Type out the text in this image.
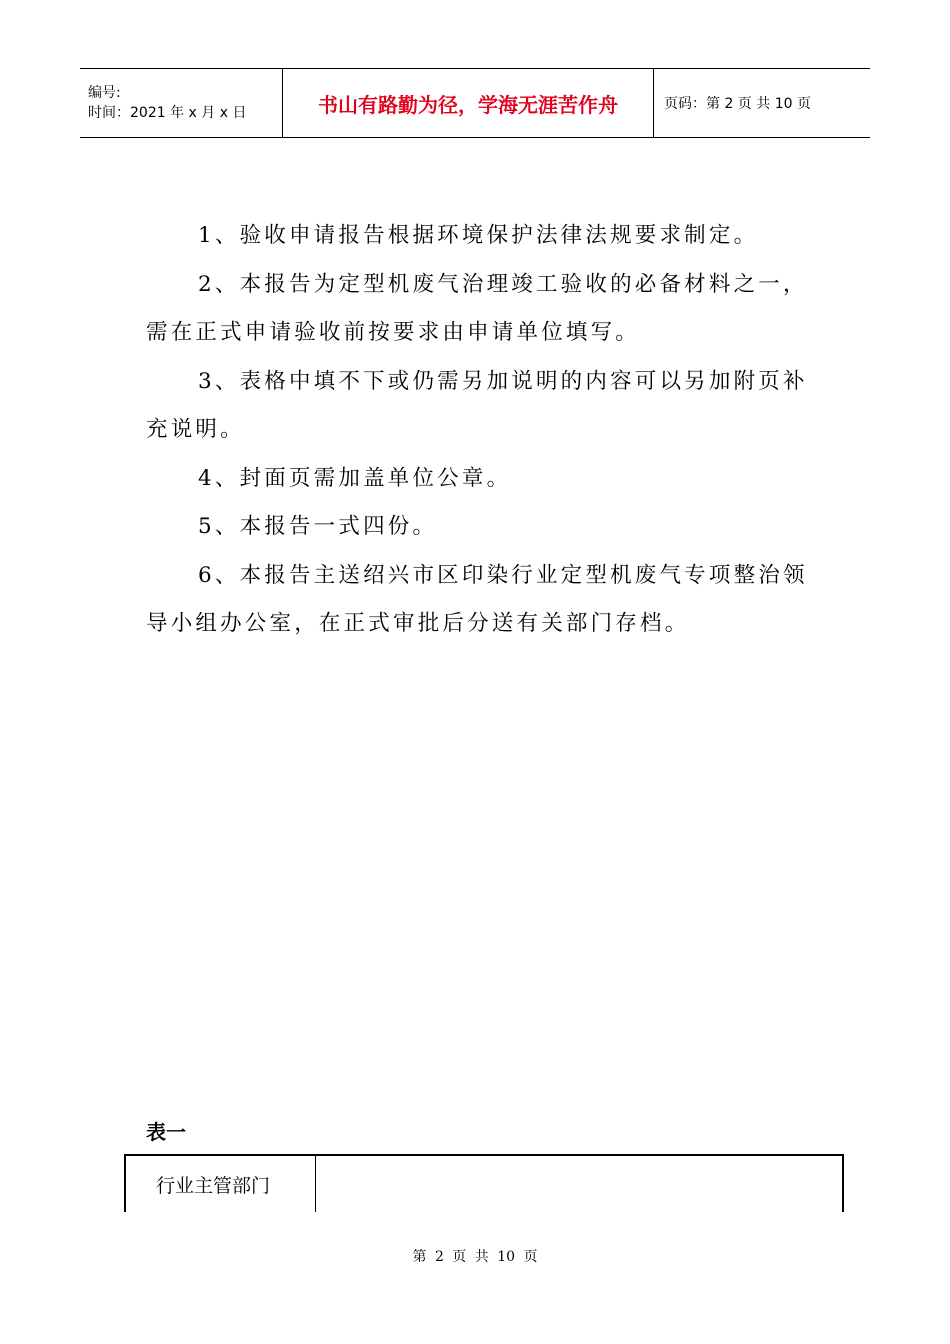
编号:
时间：2021 年 x 月 x 日	书山有路勤为径，学海无涯苦作舟	页码：第 2 页 共 10 页

1、验收申请报告根据环境保护法律法规要求制定。

2、本报告为定型机废气治理竣工验收的必备材料之一，需在正式申请验收前按要求由申请单位填写。

3、表格中填不下或仍需另加说明的内容可以另加附页补充说明。

4、封面页需加盖单位公章。

5、本报告一式四份。

6、本报告主送绍兴市区印染行业定型机废气专项整治领导小组办公室，在正式审批后分送有关部门存档。

表一
行业主管部门
第 2 页 共 10 页
